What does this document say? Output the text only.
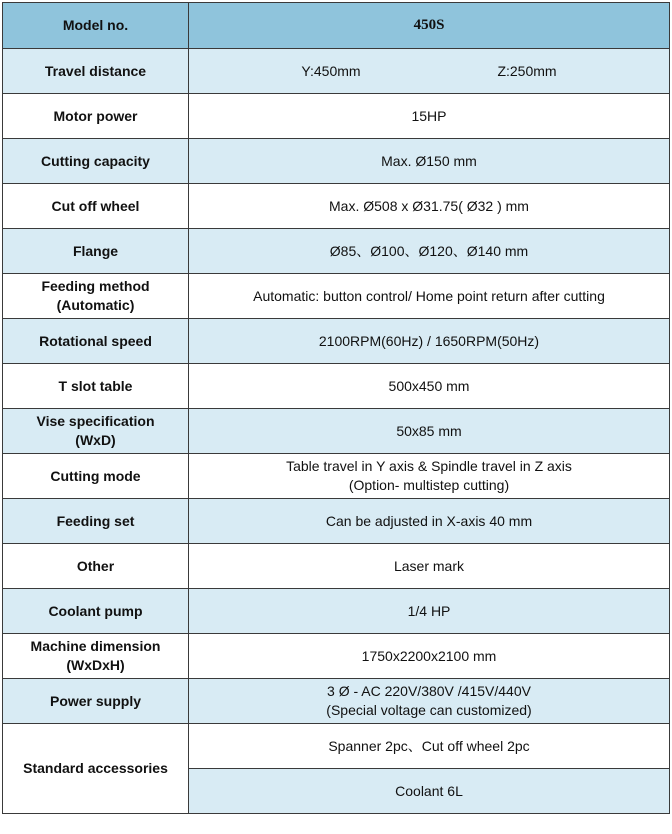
Model no.	450S
Travel distance	Y:450mm Z:250mm

Motor power	15HP
Cutting capacity	Max. Ø150 mm
Cut off wheel	Max. Ø508 x Ø31.75( Ø32 ) mm
Flange	Ø85、Ø100、Ø120、Ø140 mm

Feeding method
(Automatic)	Automatic: button control/ Home point return after cutting
Rotational speed	2100RPM(60Hz) / 1650RPM(50Hz)
T slot table	500x450 mm

Vise specification
(WxD)	50x85 mm
Cutting mode	Table travel in Y axis & Spindle travel in Z axis
(Option- multistep cutting)

Feeding set	Can be adjusted in X-axis 40 mm
Other	Laser mark
Coolant pump	1/4 HP

Machine dimension
(WxDxH)	1750x2200x2100 mm
Power supply	3 Ø - AC 220V/380V /415V/440V
(Special voltage can customized)

Standard accessories	Spanner 2pc、Cut off wheel 2pc
	Coolant 6L
